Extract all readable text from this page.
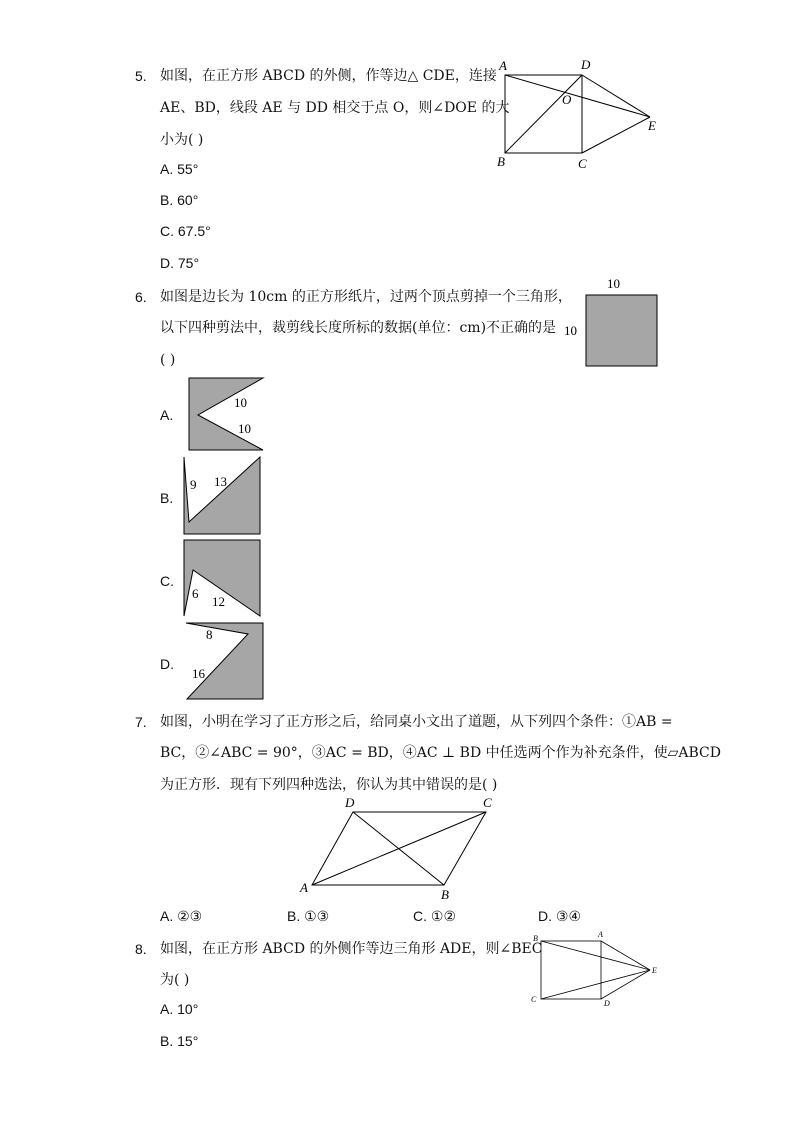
5. 如图，在正方形 ABCD 的外侧，作等边△ CDE，连接
AE、BD，线段 AE 与 DD 相交于点 O，则∠DOE 的大
小为( )
A. 55°
B. 60°
C. 67.5°
D. 75°
A	D
O
E
B	C
6. 如图是边长为 10cm 的正方形纸片，过两个顶点剪掉一个三角形，
以下四种剪法中，裁剪线长度所标的数据(单位：cm)不正确的是
( )
10
10
A.
10
10
B.
9 13
C.
6
12
D.
8
16
7. 如图，小明在学习了正方形之后，给同桌小文出了道题，从下列四个条件：①AB =
BC，②∠ABC = 90°，③AC = BD，④AC ⊥ BD 中任选两个作为补充条件，使▱ABCD
为正方形．现有下列四种选法，你认为其中错误的是( )
A	B
C
D
A. ②③	B. ①③	C. ①②	D. ③④
8. 如图，在正方形 ABCD 的外侧作等边三角形 ADE，则∠BEC
为( )
A. 10°
B. 15°
B	A
E
C	D
